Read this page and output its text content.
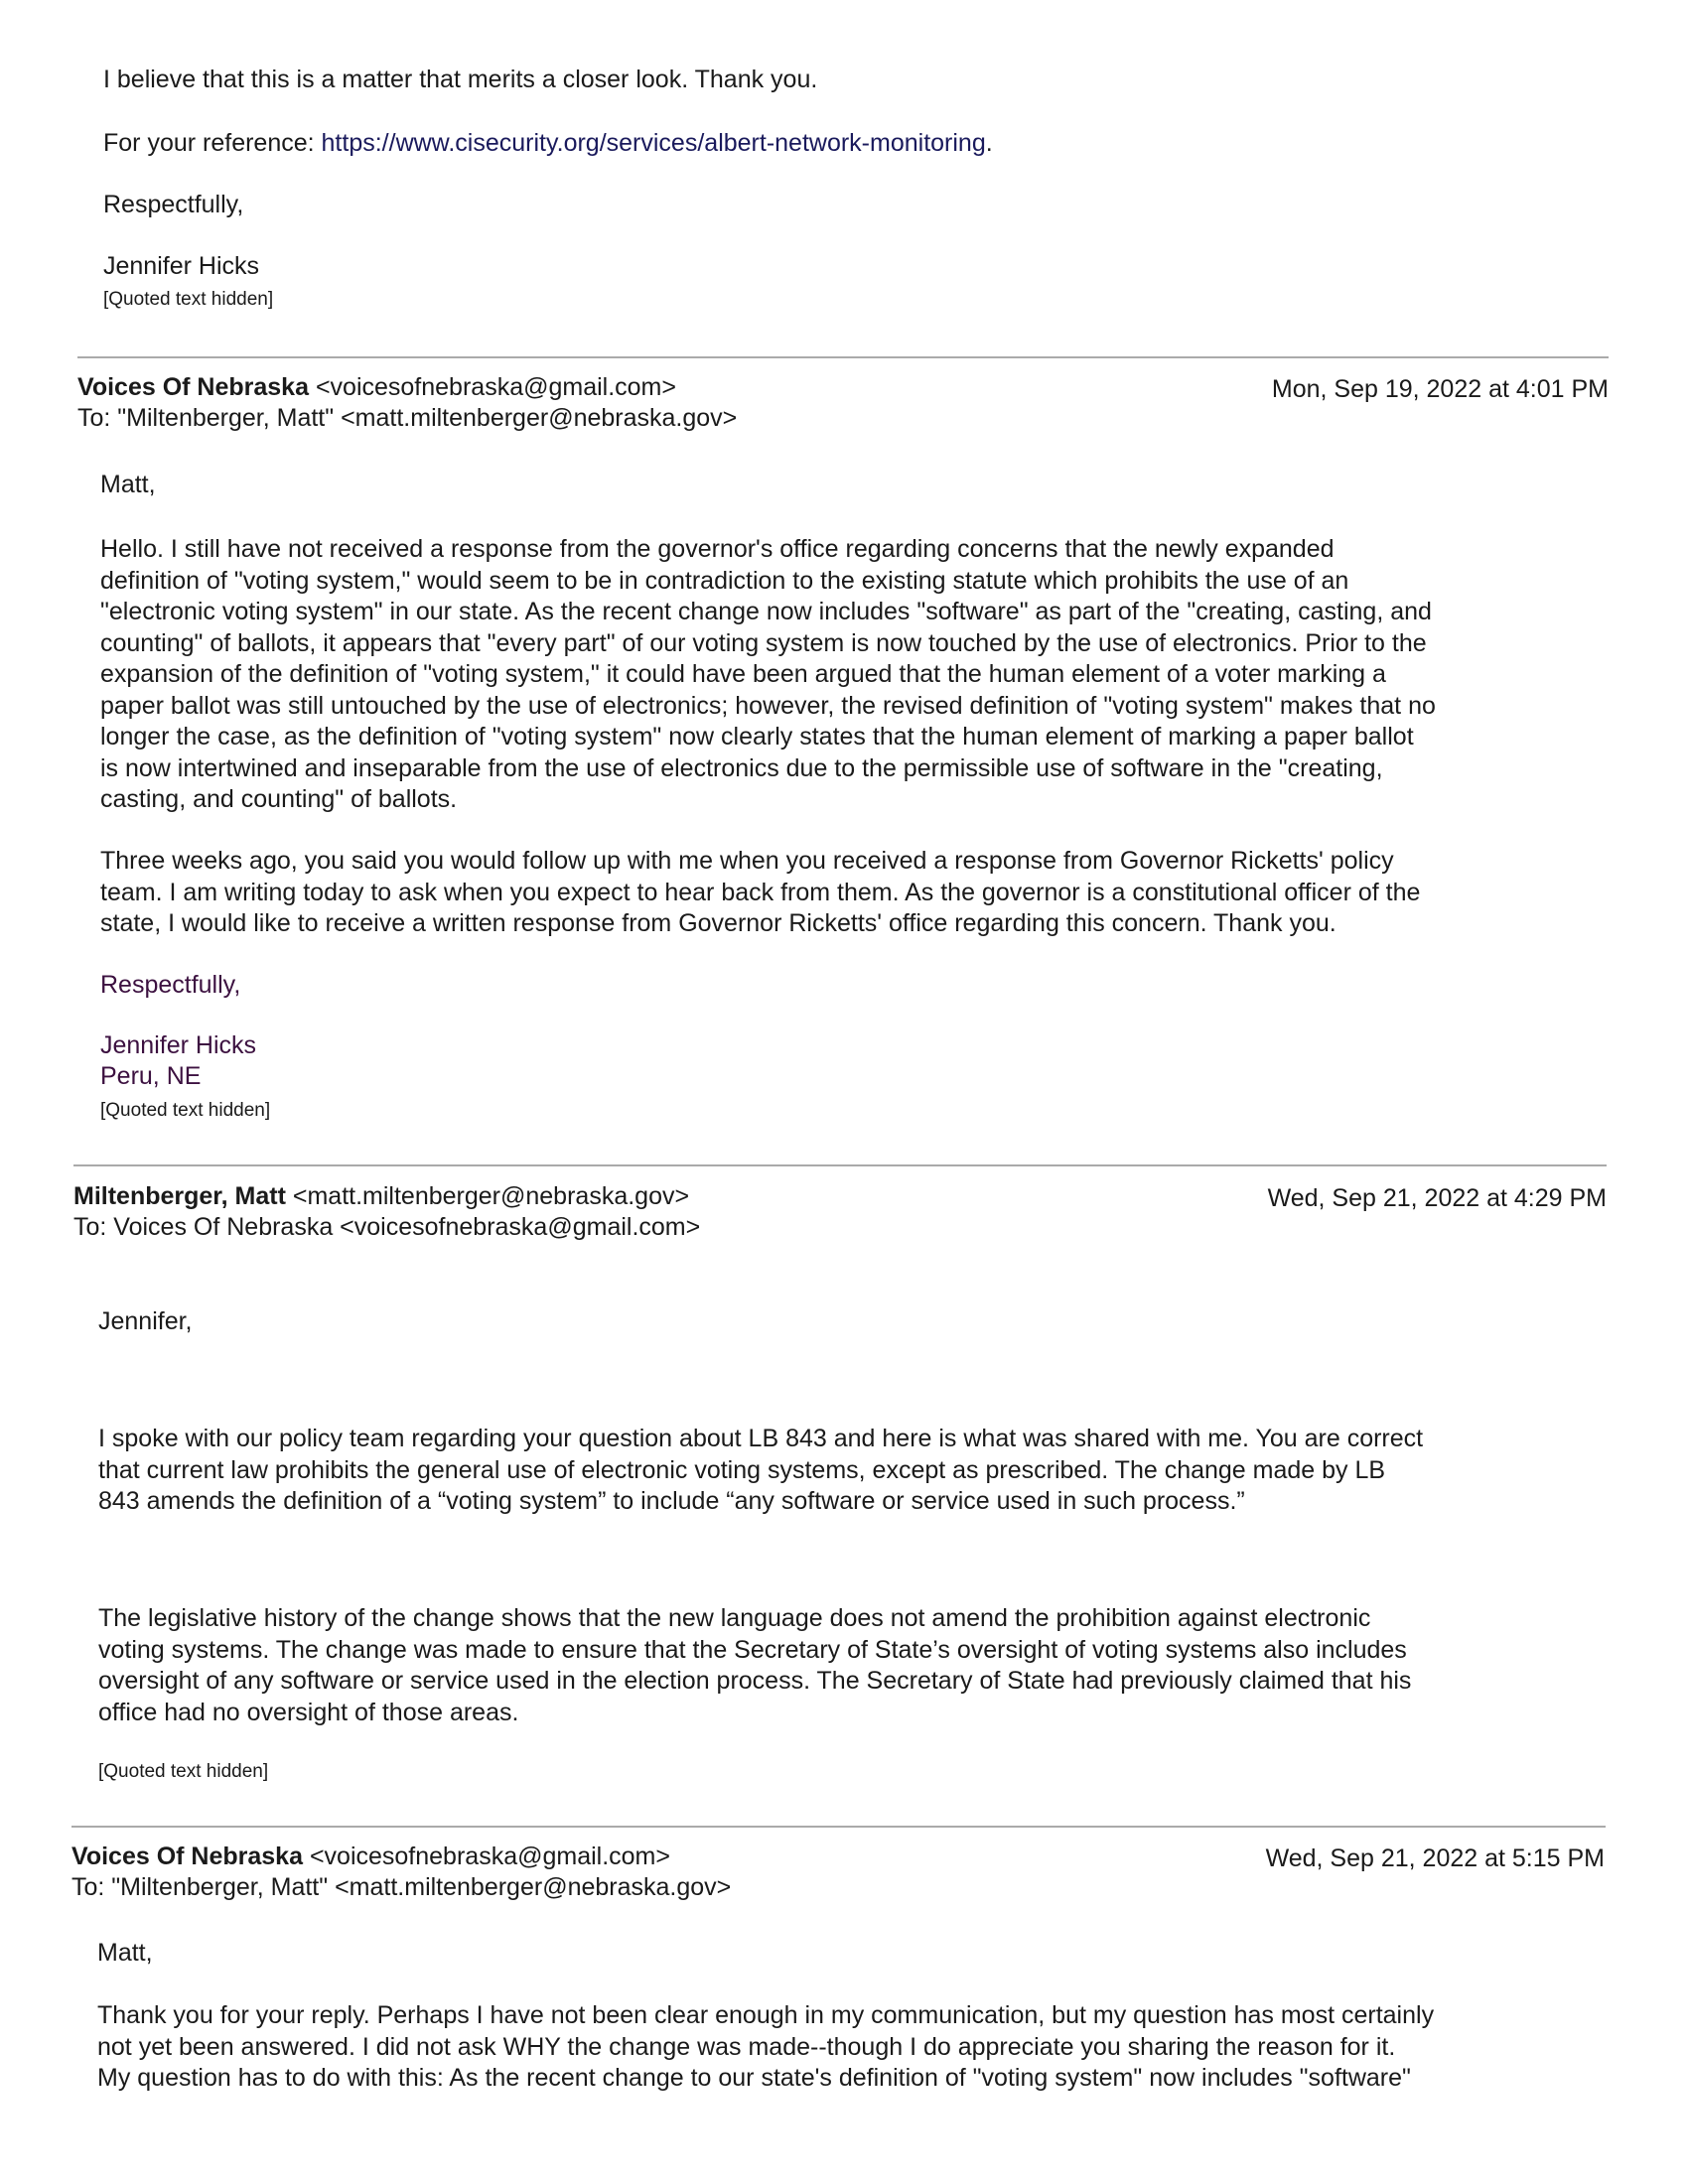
I believe that this is a matter that merits a closer look. Thank you.

For your reference: https://www.cisecurity.org/services/albert-network-monitoring.

Respectfully,

Jennifer Hicks

[Quoted text hidden]

Voices Of Nebraska <voicesofnebraska@gmail.com>
To: "Miltenberger, Matt" <matt.miltenberger@nebraska.gov>
Mon, Sep 19, 2022 at 4:01 PM

Matt,

Hello. I still have not received a response from the governor's office regarding concerns that the newly expanded
definition of "voting system," would seem to be in contradiction to the existing statute which prohibits the use of an
"electronic voting system" in our state. As the recent change now includes "software" as part of the "creating, casting, and
counting" of ballots, it appears that "every part" of our voting system is now touched by the use of electronics. Prior to the
expansion of the definition of "voting system," it could have been argued that the human element of a voter marking a
paper ballot was still untouched by the use of electronics; however, the revised definition of "voting system" makes that no
longer the case, as the definition of "voting system" now clearly states that the human element of marking a paper ballot
is now intertwined and inseparable from the use of electronics due to the permissible use of software in the "creating,
casting, and counting" of ballots.

Three weeks ago, you said you would follow up with me when you received a response from Governor Ricketts' policy
team. I am writing today to ask when you expect to hear back from them. As the governor is a constitutional officer of the
state, I would like to receive a written response from Governor Ricketts' office regarding this concern. Thank you.

Respectfully,

Jennifer Hicks

Peru, NE

[Quoted text hidden]

Miltenberger, Matt <matt.miltenberger@nebraska.gov>
To: Voices Of Nebraska <voicesofnebraska@gmail.com>
Wed, Sep 21, 2022 at 4:29 PM

Jennifer,

I spoke with our policy team regarding your question about LB 843 and here is what was shared with me. You are correct
that current law prohibits the general use of electronic voting systems, except as prescribed. The change made by LB
843 amends the definition of a “voting system” to include “any software or service used in such process.”

The legislative history of the change shows that the new language does not amend the prohibition against electronic
voting systems. The change was made to ensure that the Secretary of State’s oversight of voting systems also includes
oversight of any software or service used in the election process. The Secretary of State had previously claimed that his
office had no oversight of those areas.

[Quoted text hidden]

Voices Of Nebraska <voicesofnebraska@gmail.com>
To: "Miltenberger, Matt" <matt.miltenberger@nebraska.gov>
Wed, Sep 21, 2022 at 5:15 PM

Matt,

Thank you for your reply. Perhaps I have not been clear enough in my communication, but my question has most certainly
not yet been answered. I did not ask WHY the change was made--though I do appreciate you sharing the reason for it.
My question has to do with this: As the recent change to our state's definition of "voting system" now includes "software"
